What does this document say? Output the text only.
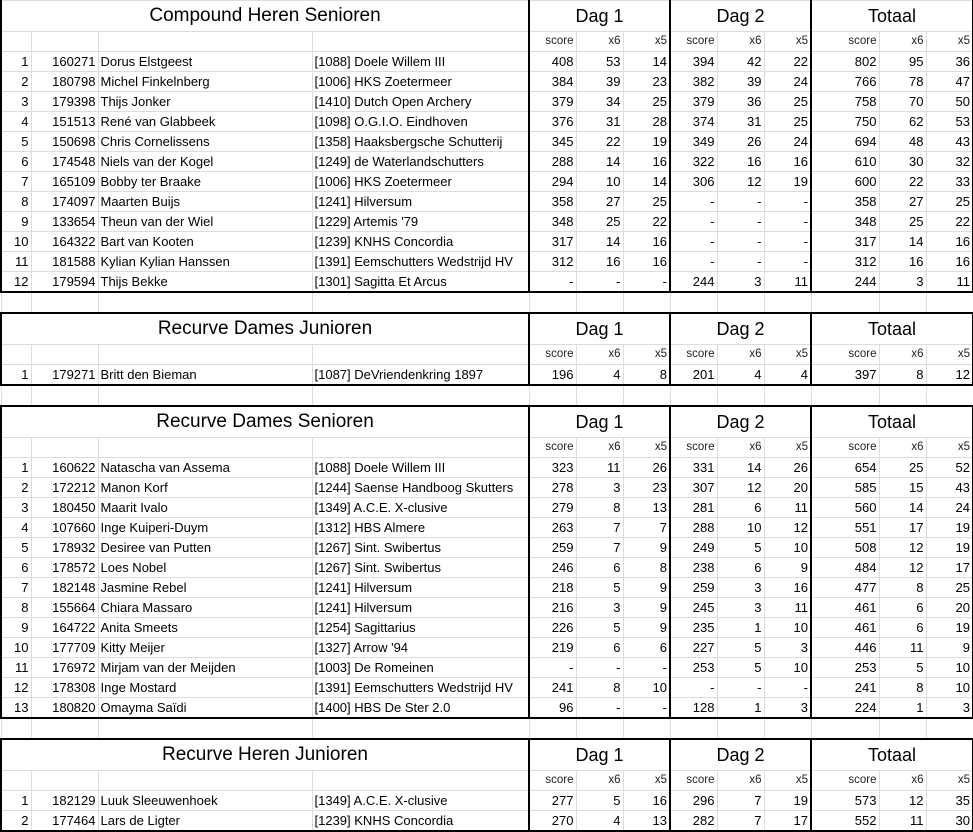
Compound Heren Senioren				Dag 1			Dag 2			Totaal		
				score	x6	x5	score	x6	x5	score	x6	x5
1	160271	Dorus Elstgeest	[1088] Doele Willem III	408	53	14	394	42	22	802	95	36
2	180798	Michel Finkelnberg	[1006] HKS Zoetermeer	384	39	23	382	39	24	766	78	47
3	179398	Thijs Jonker	[1410] Dutch Open Archery	379	34	25	379	36	25	758	70	50
4	151513	René van Glabbeek	[1098] O.G.I.O. Eindhoven	376	31	28	374	31	25	750	62	53
5	150698	Chris Cornelissens	[1358] Haaksbergsche Schutterij	345	22	19	349	26	24	694	48	43
6	174548	Niels van der Kogel	[1249] de Waterlandschutters	288	14	16	322	16	16	610	30	32
7	165109	Bobby ter Braake	[1006] HKS Zoetermeer	294	10	14	306	12	19	600	22	33
8	174097	Maarten Buijs	[1241] Hilversum	358	27	25	-	-	-	358	27	25
9	133654	Theun van der Wiel	[1229] Artemis '79	348	25	22	-	-	-	348	25	22
10	164322	Bart van Kooten	[1239] KNHS Concordia	317	14	16	-	-	-	317	14	16
11	181588	Kylian Kylian Hanssen	[1391] Eemschutters Wedstrijd HV	312	16	16	-	-	-	312	16	16
12	179594	Thijs Bekke	[1301] Sagitta Et Arcus	-	-	-	244	3	11	244	3	11

Recurve Dames Junioren				Dag 1			Dag 2			Totaal		
				score	x6	x5	score	x6	x5	score	x6	x5
1	179271	Britt den Bieman	[1087] DeVriendenkring 1897	196	4	8	201	4	4	397	8	12

Recurve Dames Senioren				Dag 1			Dag 2			Totaal		
				score	x6	x5	score	x6	x5	score	x6	x5
1	160622	Natascha van Assema	[1088] Doele Willem III	323	11	26	331	14	26	654	25	52
2	172212	Manon Korf	[1244] Saense Handboog Skutters	278	3	23	307	12	20	585	15	43
3	180450	Maarit Ivalo	[1349] A.C.E. X-clusive	279	8	13	281	6	11	560	14	24
4	107660	Inge Kuiperi-Duym	[1312] HBS Almere	263	7	7	288	10	12	551	17	19
5	178932	Desiree van Putten	[1267] Sint. Swibertus	259	7	9	249	5	10	508	12	19
6	178572	Loes Nobel	[1267] Sint. Swibertus	246	6	8	238	6	9	484	12	17
7	182148	Jasmine Rebel	[1241] Hilversum	218	5	9	259	3	16	477	8	25
8	155664	Chiara Massaro	[1241] Hilversum	216	3	9	245	3	11	461	6	20
9	164722	Anita Smeets	[1254] Sagittarius	226	5	9	235	1	10	461	6	19
10	177709	Kitty Meijer	[1327] Arrow '94	219	6	6	227	5	3	446	11	9
11	176972	Mirjam van der Meijden	[1003] De Romeinen	-	-	-	253	5	10	253	5	10
12	178308	Inge Mostard	[1391] Eemschutters Wedstrijd HV	241	8	10	-	-	-	241	8	10
13	180820	Omayma Saïdi	[1400] HBS De Ster 2.0	96	-	-	128	1	3	224	1	3

Recurve Heren Junioren				Dag 1			Dag 2			Totaal		
				score	x6	x5	score	x6	x5	score	x6	x5
1	182129	Luuk Sleeuwenhoek	[1349] A.C.E. X-clusive	277	5	16	296	7	19	573	12	35
2	177464	Lars de Ligter	[1239] KNHS Concordia	270	4	13	282	7	17	552	11	30
